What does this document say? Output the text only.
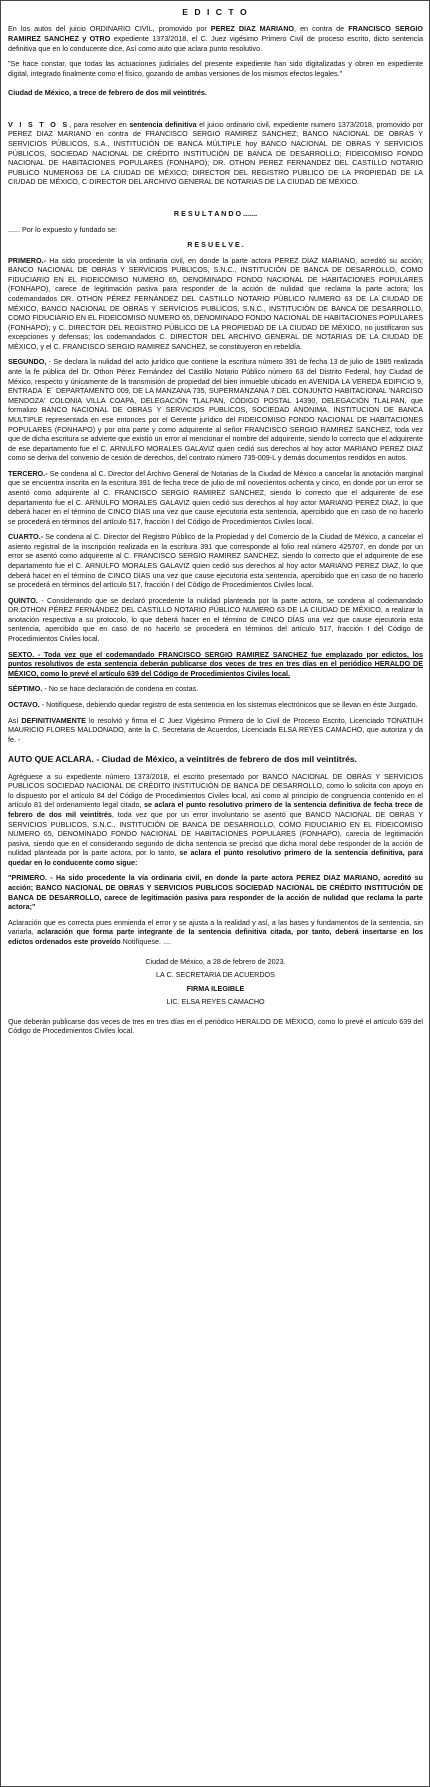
E D I C T O

En los autos del juicio ORDINARIO CIVIL, promovido por PEREZ DIAZ MARIANO, en contra de FRANCISCO SERGIO RAMIREZ SANCHEZ y OTRO expediente 1373/2018, el C. Juez vigésimo Primero Civil de proceso escrito, dicto sentencia definitiva que en lo conducente dice, Así como auto que aclara punto resolutivo.

"Se hace constar, que todas las actuaciones judiciales del presente expediente han sido digitalizadas y obren en expediente digital, integrado finalmente como el físico, gozando de ambas versiones de los mismos efectos legales."

Ciudad de México, a trece de febrero de dos mil veintitrés.

V I S T O S, para resolver en sentencia definitiva el juicio ordinario civil, expediente numero 1373/2018, promovido por PEREZ DIAZ MARIANO en contra de FRANCISCO SERGIO RAMIREZ SANCHEZ; BANCO NACIONAL DE OBRAS Y SERVICIOS PÚBLICOS, S.A., INSTITUCIÓN DE BANCA MÚLTIPLE hoy BANCO NACIONAL DE OBRAS Y SERVICIOS PÚBLICOS, SOCIEDAD NACIONAL DE CRÉDITO INSTITUCIÓN DE BANCA DE DESARROLLO; FIDEICOMISO FONDO NACIONAL DE HABITACIONES POPULARES (FONHAPO); DR. OTHON PEREZ FERNANDEZ DEL CASTILLO NOTARIO PUBLICO NUMERO63 DE LA CIUDAD DE MÉXICO; DIRECTOR DEL REGISTRO PUBLICO DE LA PROPIEDAD DE LA CIUDAD DE MÉXICO, C DIRECTOR DEL ARCHIVO GENERAL DE NOTARIAS DE LA CIUDAD DE MÉXICO.

R E S U L T A N D O .......

...... Por lo expuesto y fundado se:

R E S U E L V E .

PRIMERO.- Ha sido procedente la vía ordinaria civil, en donde la parte actora PEREZ DIAZ MARIANO, acreditó su acción; BANCO NACIONAL DE OBRAS Y SERVICIOS PUBLICOS, S.N.C., INSTITUCIÓN DE BANCA DE DESARROLLO, COMO FIDUCIARIO EN EL FIDEICOMISO NUMERO 65, DENOMINADO FONDO NACIONAL DE HABITACIONES POPULARES (FONHAPO), carece de legitimación pasiva para responder de la acción de nulidad que reclama la parte actora; los codemandados DR. OTHON PÉREZ FERNÁNDEZ DEL CASTILLO NOTARIO PÚBLICO NUMERO 63 DE LA CIUDAD DE MÉXICO, BANCO NACIONAL DE OBRAS Y SERVICIOS PUBLICOS, S.N.C., INSTITUCIÓN DE BANCA DE DESARROLLO, COMO FIDUCIARIO EN EL FIDEICOMISO NUMERO 65, DENOMINADO FONDO NACIONAL DE HABITACIONES POPULARES (FONHAPO); y C. DIRECTOR DEL REGISTRO PÚBLICO DE LA PROPIEDAD DE LA CIUDAD DE MÉXICO, no justificaron sus excepciones y defensas; los codemandados C. DIRECTOR DEL ARCHIVO GENERAL DE NOTARIAS DE LA CIUDAD DE MÉXICO, y el C. FRANCISCO SERGIO RAMIREZ SANCHEZ, se constituyeron en rebeldía.

SEGUNDO, - Se declara la nulidad del acto jurídico que contiene la escritura número 391 de fecha 13 de julio de 1985 realizada ante la fe pública del Dr. Othon Pérez Fernández del Castillo Notario Público número 63 del Distrito Federal, hoy Ciudad de México, respecto y únicamente de la transmisión de propiedad del bien inmueble ubicado en AVENIDA LA VEREDA EDIFICIO 9, ENTRADA ´E´ DEPARTAMENTO 009, DE LA MANZANA 735, SUPERMANZANA 7 DEL CONJUNTO HABITACIONAL 'NARCISO MENDOZA' COLONIA VILLA COAPA, DELEGACIÓN TLALPAN, CÓDIGO POSTAL 14390, DELEGACIÓN TLALPAN, que formalizo BANCO NACIONAL DE OBRAS Y SERVICIOS PUBLICOS, SOCIEDAD ANONIMA, INSTITUCION DE BANCA MULTIPLE representada en ese entonces por el Gerente jurídico del FIDEICOMISO FONDO NACIONAL DE HABITACIONES POPULARES (FONHAPO) y por otra parte y como adquirente al señor FRANCISCO SERGIO RAMIREZ SANCHEZ, toda vez que de dicha escritura se advierte que existió un error al mencionar el nombre del adquirente, siendo lo correcto que el adquirente de ese departamento fue el C. ARNULFO MORALES GALAVIZ quien cedió sus derechos al hoy actor MARIANO PEREZ DIAZ como se deriva del convenio de cesión de derechos, del contrato número 735-009-L y demás documentos rendidos en autos.

TERCERO.- Se condena al C. Director del Archivo General de Notarias de la Ciudad de México a cancelar la anotación marginal que se encuentra inscrita en la escritura 391 de fecha trece de julio de mil novecientos ochenta y cinco, en donde por un error se asentó como adquirente al C. FRANCISCO SERGIO RAMIREZ SANCHEZ, siendo lo correcto que el adquirente de ese departamento fue el C. ARNULFO MORALES GALAVIZ quien cedió sus derechos al hoy actor MARIANO PEREZ DIAZ, lo que deberá hacer en el término de CINCO DIAS una vez que cause ejecutoria esta sentencia, apercibido que en caso de no hacerlo se procederá en términos del artículo 517, fracción I del Código de Procedimientos Civiles local.

CUARTO.- Se condena al C. Director del Registro Público de la Propiedad y del Comercio de la Ciudad de México, a cancelar el asiento registral de la inscripción realizada en la escritura 391 que corresponde al folio real número 425707, en donde por un error se asentó como adquirente al C. FRANCISCO SERGIO RAMIREZ SANCHEZ, siendo lo correcto que el adquirente de ese departamento fue el C. ARNULFO MORALES GALAVIZ quien cedió sus derechos al hoy actor MARIANO PEREZ DIAZ, lo que deberá hacer en el término de CINCO DIAS una vez que cause ejecutoria esta sentencia, apercibido que en caso de no hacerlo se procederá en términos del artículo 517, fracción I del Código de Procedimientos Civiles local.

QUINTO. - Considerando que se declaró procedente la nulidad planteada por la parte actora, se condena al codemandado DR.OTHON PÉREZ FERNÁNDEZ DEL CASTILLO NOTARIO PÚBLICO NUMERO 63 DE LA CIUDAD DE MÉXICO, a realizar la anotación respectiva a su protocolo, lo que deberá hacer en el término de CINCO DÍAS una vez que cause ejecutoria esta sentencia, apercibido que en caso de no hacerlo se procederá en términos del artículo 517, fracción I del Código de Procedimientos Civiles local.

SEXTO. - Toda vez que el codemandado FRANCISCO SERGIO RAMIREZ SANCHEZ fue emplazado por edictos, los puntos resolutivos de esta sentencia deberán publicarse dos veces de tres en tres días en el periódico HERALDO DE MÉXICO, como lo prevé el artículo 639 del Código de Procedimientos Civiles local.

SÉPTIMO. - No se hace declaración de condena en costas.

OCTAVO. - Notifíquese, debiendo quedar registro de esta sentencia en los sistemas electrónicos que se llevan en éste Juzgado.

Así DEFINITIVAMENTE lo resolvió y firma el C Juez Vigésimo Primero de lo Civil de Proceso Escrito, Licenciado TONATIUH MAURICIO FLORES MALDONADO, ante la C. Secretaria de Acuerdos, Licenciada ELSA REYES CAMACHO, que autoriza y da fe. -

AUTO QUE ACLARA. - Ciudad de México, a veintitrés de febrero de dos mil veintitrés.

Agréguese a su expediente número 1373/2018, el escrito presentado por BANCO NACIONAL DE OBRAS Y SERVICIOS PUBLICOS SOCIEDAD NACIONAL DE CRÉDITO INSTITUCIÓN DE BANCA DE DESARROLLO, como lo solicita con apoyo en lo dispuesto por el artículo 84 del Código de Procedimientos Civiles local, así como al principio de congruencia contenido en el artículo 81 del ordenamiento legal citado, se aclara el punto resolutivo primero de la sentencia definitiva de fecha trece de febrero de dos mil veintitrés, toda vez que por un error involuntario se asentó que BANCO NACIONAL DE OBRAS Y SERVICIOS PUBLICOS, S.N.C., INSTITUCIÓN DE BANCA DE DESARROLLO, COMO FIDUCIARIO EN EL FIDEICOMISO NUMERO 65, DENOMINADO FONDO NACIONAL DE HABITACIONES POPULARES (FONHAPO), carecía de legitimación pasiva, siendo que en el considerando segundo de dicha sentencia se precisó que dicha moral debe responder de la acción de nulidad planteada por la parte actora, por lo tanto, se aclara el punto resolutivo primero de la sentencia definitiva, para quedar en lo conducente como sigue:

"PRIMERO. - Ha sido procedente la vía ordinaria civil, en donde la parte actora PEREZ DIAZ MARIANO, acreditó su acción; BANCO NACIONAL DE OBRAS Y SERVICIOS PUBLICOS SOCIEDAD NACIONAL DE CRÉDITO INSTITUCIÓN DE BANCA DE DESARROLLO, carece de legitimación pasiva para responder de la acción de nulidad que reclama la parte actora;"

Aclaración que es correcta pues enmienda el error y se ajusta a la realidad y así, a las bases y fundamentos de la sentencia, sin variarla, aclaración que forma parte integrante de la sentencia definitiva citada, por tanto, deberá insertarse en los edictos ordenados este proveído Notifíquese. ....

Ciudad de México, a 28 de febrero de 2023.

LA C. SECRETARIA DE ACUERDOS

FIRMA ILEGIBLE

LIC. ELSA REYES CAMACHO

Que deberán publicarse dos veces de tres en tres días en el periódico HERALDO DE MÉXICO, como lo prevé el artículo 639 del Código de Procedimientos Civiles local.
